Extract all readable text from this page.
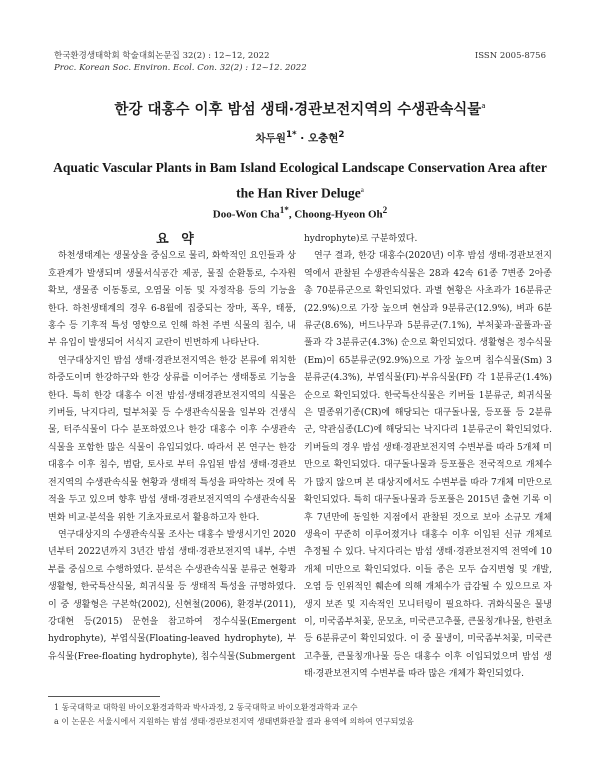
한국환경생태학회 학술대회논문집 32(2) : 12~12, 2022	ISSN 2005-8756
Proc. Korean Soc. Environ. Ecol. Con. 32(2) : 12~12. 2022
한강 대홍수 이후 밤섬 생태·경관보전지역의 수생관속식물$^a$
차두원$^{1*}$ · 오충현$^2$
Aquatic Vascular Plants in Bam Island Ecological Landscape Conservation Area after the Han River Deluge$^a$
Doo-Won Cha$^{1*}$, Choong-Hyeon Oh$^2$

요 약

하천생태계는 생물상을 중심으로 물리, 화학적인 요인들과 상호관계가 발생되며 생물서식공간 제공, 물질 순환통로, 수자원 확보, 생물종 이동통로, 오염물 이동 및 자정작용 등의 기능을 한다. 하천생태계의 경우 6-8월에 집중되는 장마, 폭우, 태풍, 홍수 등 기후적 특성 영향으로 인해 하천 주변 식물의 침수, 내부 유입이 발생되어 서식지 교란이 빈번하게 나타난다.

연구대상지인 밤섬 생태·경관보전지역은 한강 본류에 위치한 하중도이며 한강하구와 한강 상류를 이어주는 생태통로 기능을 한다. 특히 한강 대홍수 이전 밤섬·생태경관보전지역의 식물은 키버들, 낙지다리, 털부처꽃 등 수생관속식물을 일부와 건생식물, 터주식물이 다수 분포하였으나 한강 대홍수 이후 수생관속식물을 포함한 많은 식물이 유입되었다. 따라서 본 연구는 한강 대홍수 이후 침수, 범람, 토사로 부터 유입된 밤섬 생태·경관보전지역의 수생관속식물 현황과 생태적 특성을 파악하는 것에 목적을 두고 있으며 향후 밤섬 생태·경관보전지역의 수생관속식물 변화 비교·분석을 위한 기초자료로서 활용하고자 한다.

연구대상지의 수생관속식물 조사는 대홍수 발생시기인 2020년부터 2022년까지 3년간 밤섬 생태·경관보전지역 내부, 수변부를 중심으로 수행하였다. 분석은 수생관속식물 분류군 현황과 생활형, 한국특산식물, 희귀식물 등 생태적 특성을 규명하였다. 이 중 생활형은 구본학(2002), 신현철(2006), 환경부(2011), 강대현 등(2015) 문헌을 참고하여 정수식물(Emergent hydrophyte), 부엽식물(Floating-leaved hydrophyte), 부유식물(Free-floating hydrophyte), 침수식물(Submergent

hydrophyte)로 구분하였다.

연구 결과, 한강 대홍수(2020년) 이후 밤섬 생태·경관보전지역에서 관찰된 수생관속식물은 28과 42속 61종 7변종 2아종 총 70분류군으로 확인되었다. 과별 현황은 사초과가 16분류군(22.9%)으로 가장 높으며 현삼과 9분류군(12.9%), 벼과 6분류군(8.6%), 버드나무과 5분류군(7.1%), 부처꽃과·골풀과·골풀과 각 3분류군(4.3%) 순으로 확인되었다. 생활형은 정수식물(Em)이 65분류군(92.9%)으로 가장 높으며 침수식물(Sm) 3분류군(4.3%), 부엽식물(Fl)·부유식물(Ff) 각 1분류군(1.4%) 순으로 확인되었다. 한국특산식물은 키버들 1분류군, 희귀식물은 멸종위기종(CR)에 해당되는 대구돌나물, 등포풀 등 2분류군, 약관심종(LC)에 해당되는 낙지다리 1분류군이 확인되었다. 키버들의 경우 밤섬 생태·경관보전지역 수변부를 따라 5개체 미만으로 확인되었다. 대구돌나물과 등포풀은 전국적으로 개체수가 많지 않으며 본 대상지에서도 수변부를 따라 7개체 미만으로 확인되었다. 특히 대구돌나물과 등포풀은 2015년 출현 기록 이후 7년만에 동일한 지점에서 관찰된 것으로 보아 소규모 개체 생육이 꾸준히 이루어졌거나 대홍수 이후 이입된 신규 개체로 추정될 수 있다. 낙지다리는 밤섬 생태·경관보전지역 전역에 10개체 미만으로 확인되었다. 이들 종은 모두 습지변형 및 개발, 오염 등 인위적인 훼손에 의해 개체수가 급감될 수 있으므로 자생지 보존 및 지속적인 모니터링이 필요하다. 귀화식물은 물냉이, 미국좀부처꽃, 문모초, 미국큰고추풀, 큰물칭개나물, 한련초 등 6분류군이 확인되었다. 이 중 물냉이, 미국좀부처꽃, 미국큰고추풀, 큰물칭개나물 등은 대홍수 이후 이입되었으며 밤섬 생태·경관보전지역 수변부를 따라 많은 개체가 확인되었다.

1 동국대학교 대학원 바이오환경과학과 박사과정, 2 동국대학교 바이오환경과학과 교수
a 이 논문은 서울시에서 지원하는 밤섬 생태·경관보전지역 생태변화관찰 결과 용역에 의하여 연구되었음
